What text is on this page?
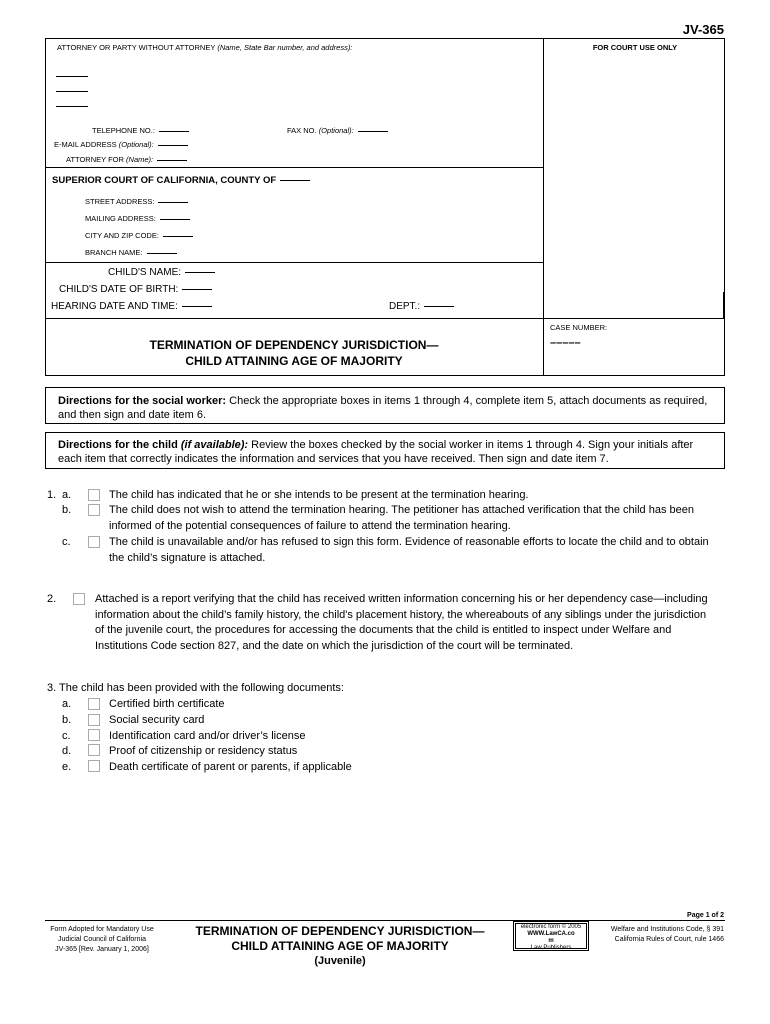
JV-365
ATTORNEY OR PARTY WITHOUT ATTORNEY (Name, State Bar number, and address):	FOR COURT USE ONLY
TELEPHONE NO.:	FAX NO. (Optional):
E-MAIL ADDRESS (Optional):
ATTORNEY FOR (Name):
SUPERIOR COURT OF CALIFORNIA, COUNTY OF
STREET ADDRESS:
MAILING ADDRESS:
CITY AND ZIP CODE:
BRANCH NAME:
CHILD'S NAME:
CHILD'S DATE OF BIRTH:
HEARING DATE AND TIME:	DEPT.:
TERMINATION OF DEPENDENCY JURISDICTION—
CHILD ATTAINING AGE OF MAJORITY
CASE NUMBER:
–––––
Directions for the social worker: Check the appropriate boxes in items 1 through 4, complete item 5, attach documents as required, and then sign and date item 6.
Directions for the child (if available): Review the boxes checked by the social worker in items 1 through 4. Sign your initials after each item that correctly indicates the information and services that you have received. Then sign and date item 7.
1. a.	The child has indicated that he or she intends to be present at the termination hearing.
b.	The child does not wish to attend the termination hearing. The petitioner has attached verification that the child has been informed of the potential consequences of failure to attend the termination hearing.
c.	The child is unavailable and/or has refused to sign this form. Evidence of reasonable efforts to locate the child and to obtain the child’s signature is attached.
2.	Attached is a report verifying that the child has received written information concerning his or her dependency case—including information about the child’s family history, the child's placement history, the whereabouts of any siblings under the jurisdiction of the juvenile court, the procedures for accessing the documents that the child is entitled to inspect under Welfare and Institutions Code section 827, and the date on which the jurisdiction of the court will be terminated.
3. The child has been provided with the following documents:
a.	Certified birth certificate
b.	Social security card
c.	Identification card and/or driver’s license
d.	Proof of citizenship or residency status
e.	Death certificate of parent or parents, if applicable
Page 1 of 2
Form Adopted for Mandatory Use
Judicial Council of California
JV-365 [Rev. January 1, 2006]
TERMINATION OF DEPENDENCY JURISDICTION—
CHILD ATTAINING AGE OF MAJORITY
(Juvenile)
electronic form © 2005
WWW.LawCA.co
m
Law Publishers
Welfare and Institutions Code, § 391
California Rules of Court, rule 1466
